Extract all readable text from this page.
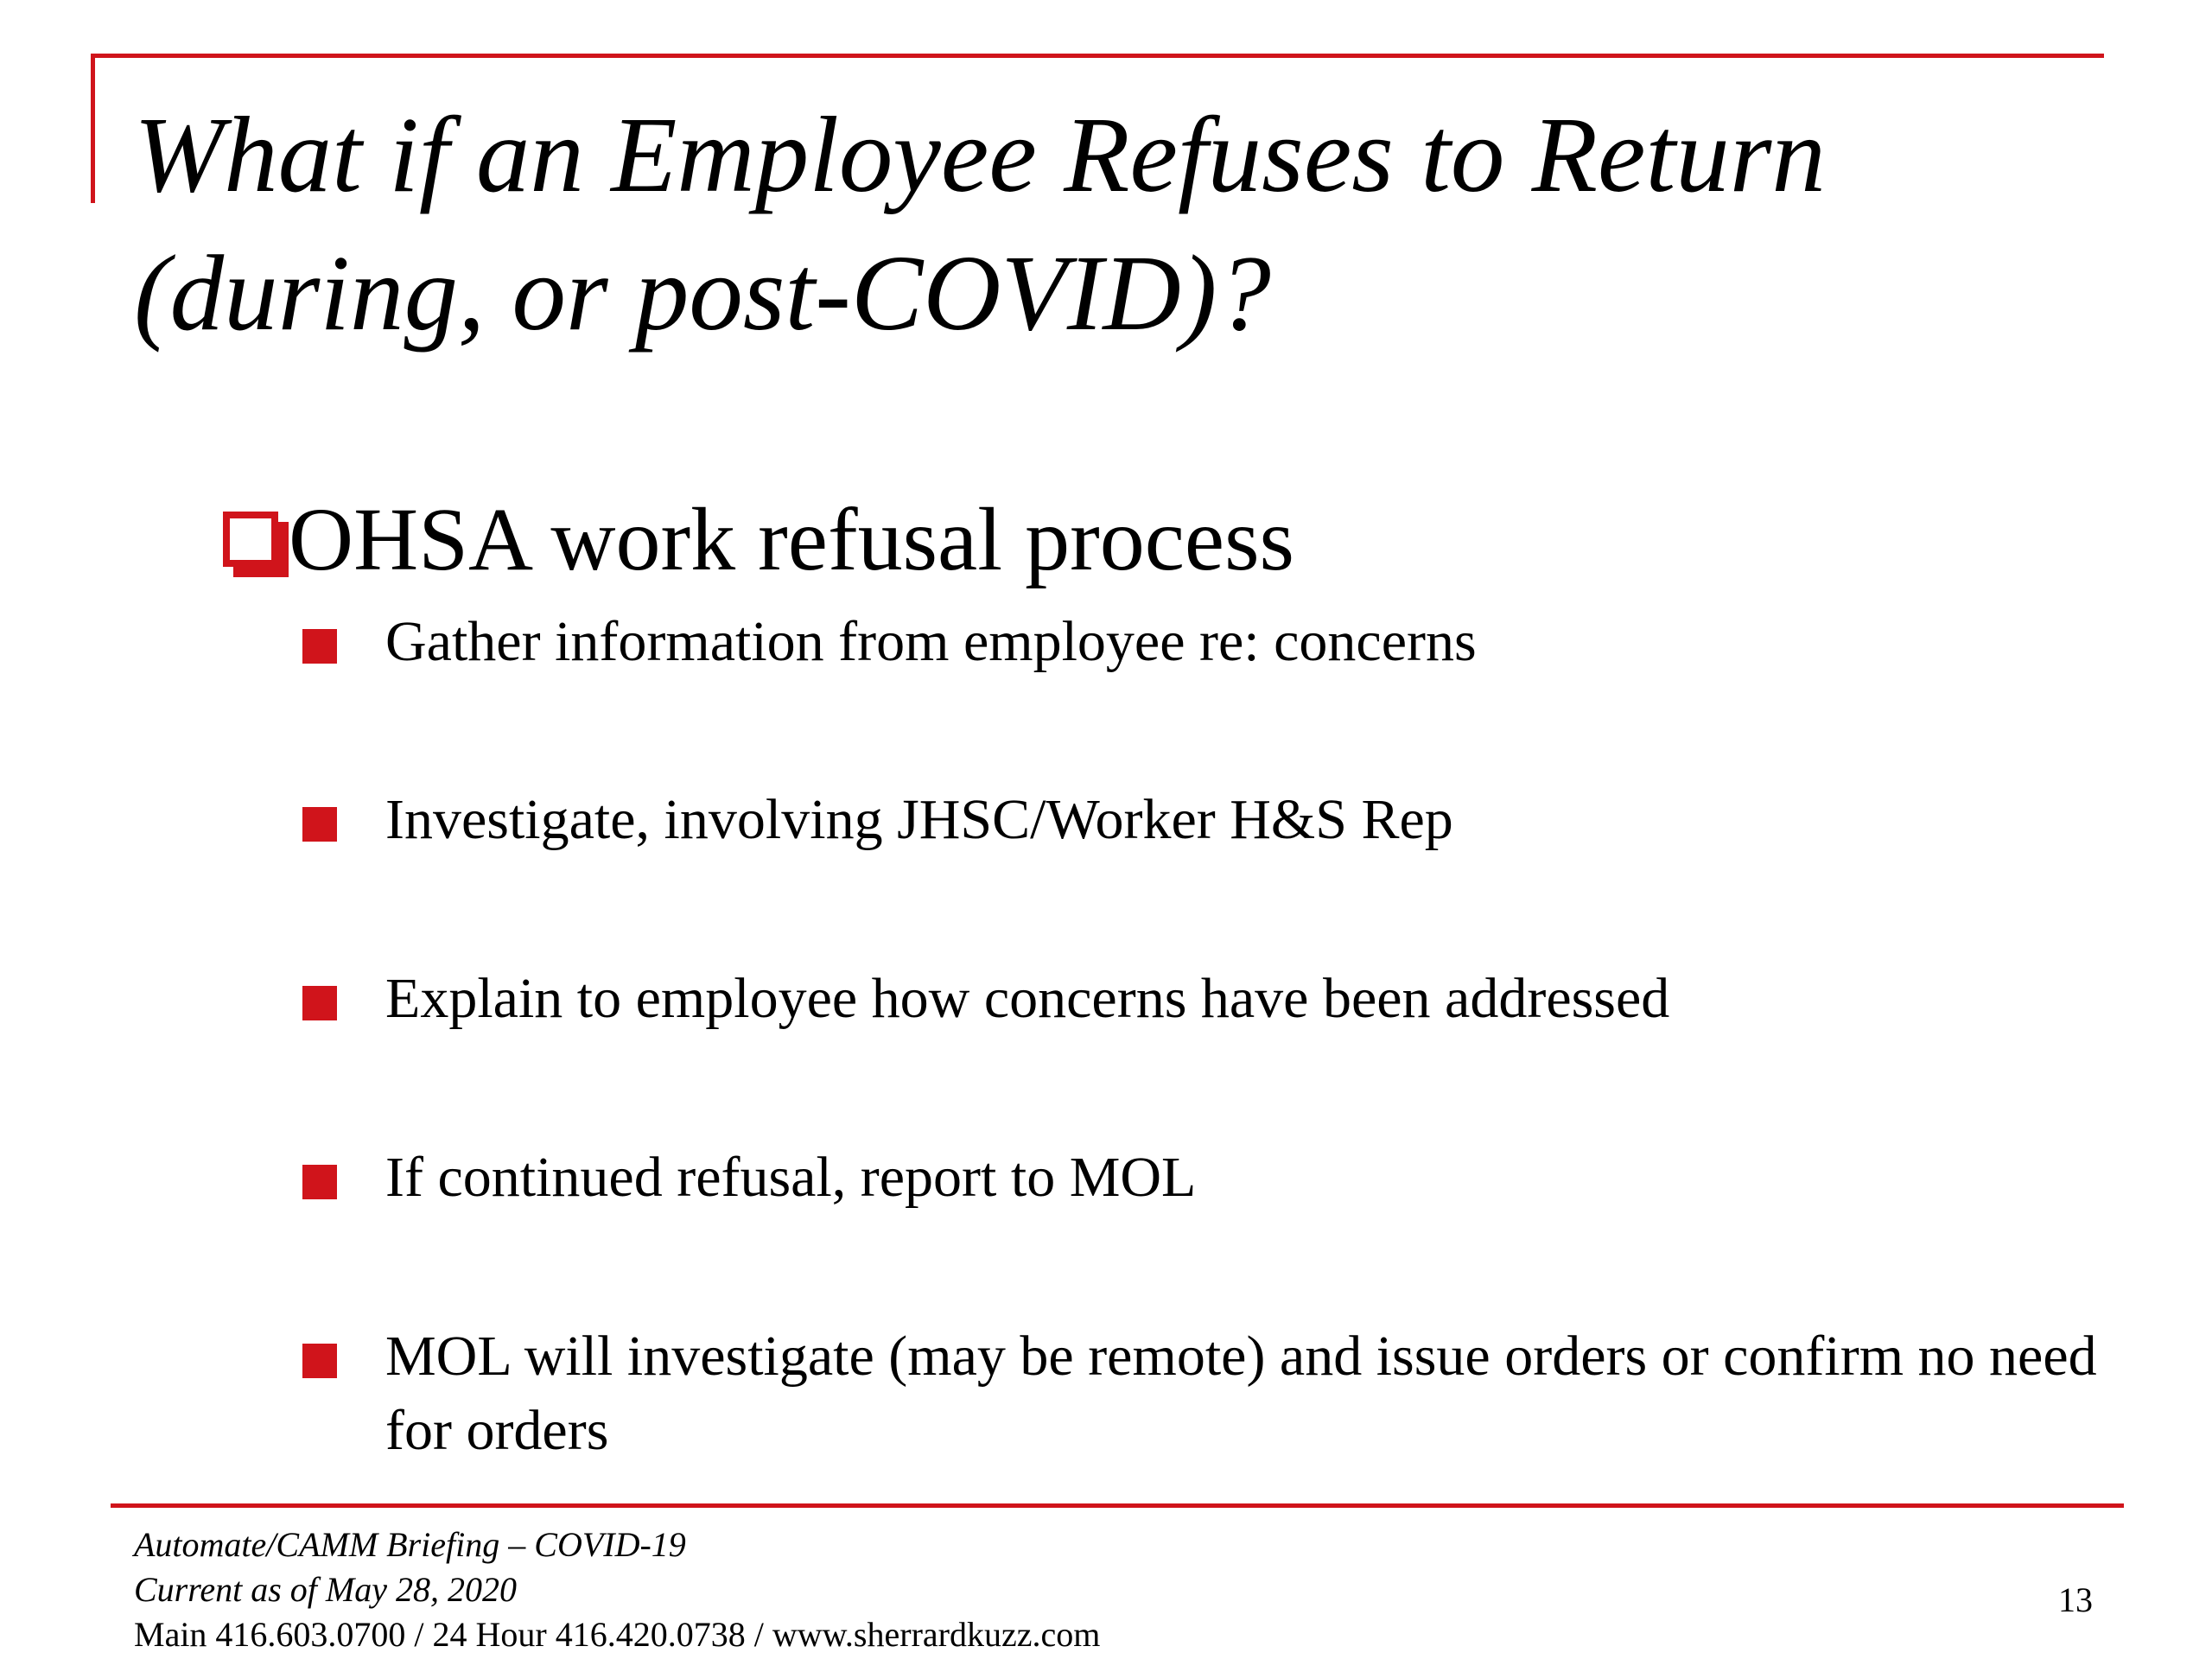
What if an Employee Refuses to Return
(during, or post-COVID)?
OHSA work refusal process
Gather information from employee re: concerns
Investigate, involving JHSC/Worker H&S Rep
Explain to employee how concerns have been addressed
If continued refusal, report to MOL
MOL will investigate (may be remote) and issue orders or confirm no need for orders
Automate/CAMM Briefing – COVID-19
Current as of May 28, 2020
Main 416.603.0700 / 24 Hour 416.420.0738 / www.sherrardkuzz.com
13
